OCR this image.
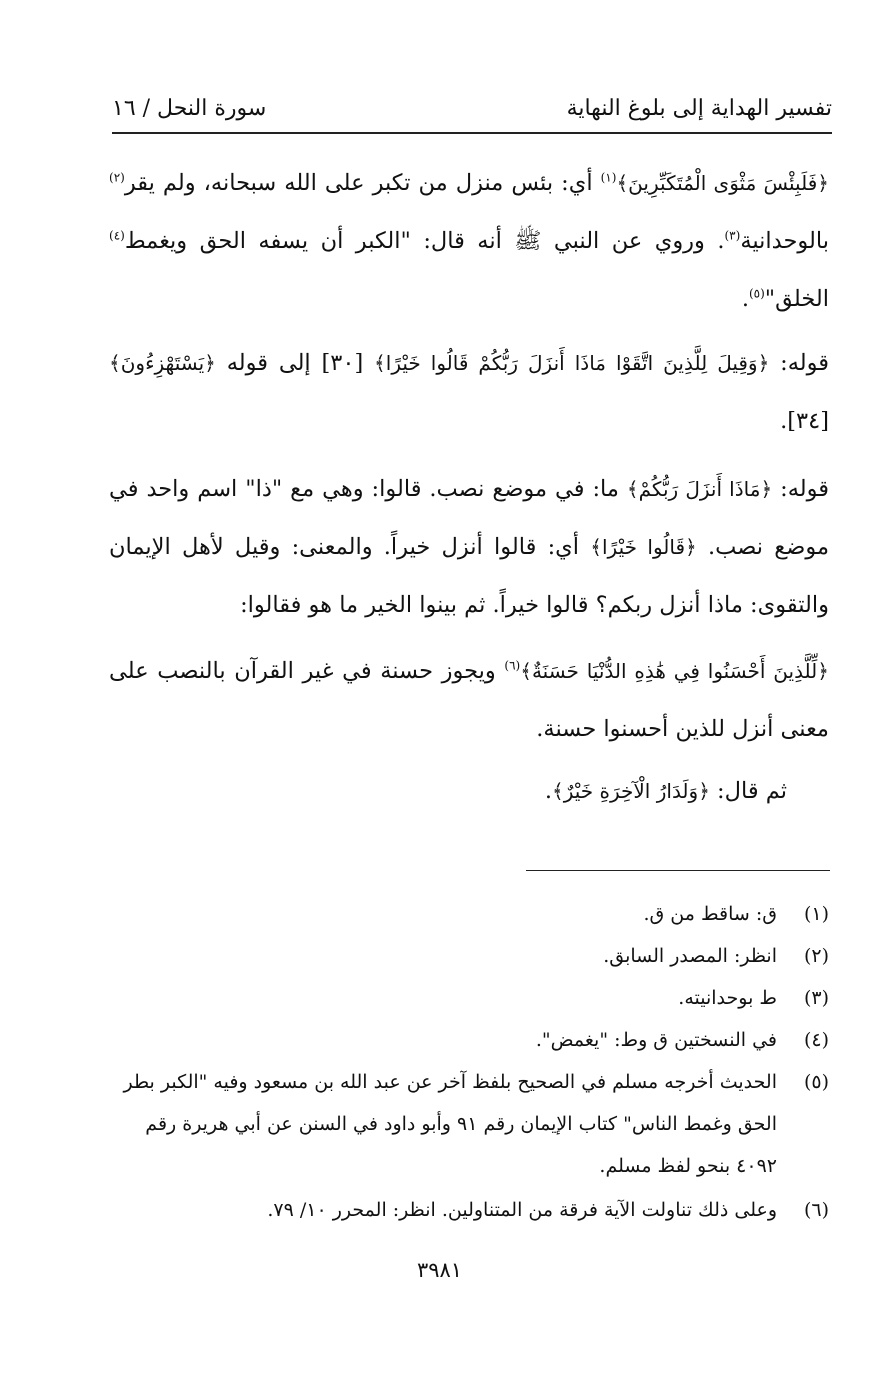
تفسير الهداية إلى بلوغ النهاية
سورة النحل / ١٦

﴿فَلَبِئْسَ مَثْوَى الْمُتَكَبِّرِينَ﴾$^{(١)}$ أي: بئس منزل من تكبر على الله سبحانه، ولم يقر$^{(٢)}$ بالوحدانية$^{(٣)}$. وروي عن النبي ﷺ أنه قال: "الكبر أن يسفه الحق ويغمط$^{(٤)}$ الخلق"$^{(٥)}$.

قوله: ﴿وَقِيلَ لِلَّذِينَ اتَّقَوْا مَاذَا أَنزَلَ رَبُّكُمْ قَالُوا خَيْرًا﴾ [٣٠] إلى قوله ﴿يَسْتَهْزِءُونَ﴾ [٣٤].

قوله: ﴿مَاذَا أَنزَلَ رَبُّكُمْ﴾ ما: في موضع نصب. قالوا: وهي مع "ذا" اسم واحد في موضع نصب. ﴿قَالُوا خَيْرًا﴾ أي: قالوا أنزل خيراً. والمعنى: وقيل لأهل الإيمان والتقوى: ماذا أنزل ربكم؟ قالوا خيراً. ثم بينوا الخير ما هو فقالوا:

﴿لِّلَّذِينَ أَحْسَنُوا فِي هَٰذِهِ الدُّنْيَا حَسَنَةٌ﴾$^{(٦)}$ ويجوز حسنة في غير القرآن بالنصب على معنى أنزل للذين أحسنوا حسنة.

ثم قال: ﴿وَلَدَارُ الْآخِرَةِ خَيْرٌ﴾.

(١)
ق: ساقط من ق.
(٢)
انظر: المصدر السابق.
(٣)
ط بوحدانيته.
(٤)
في النسختين ق وط: "يغمض".
(٥)
الحديث أخرجه مسلم في الصحيح بلفظ آخر عن عبد الله بن مسعود وفيه "الكبر بطر الحق وغمط الناس" كتاب الإيمان رقم ٩١ وأبو داود في السنن عن أبي هريرة رقم ٤٠٩٢ بنحو لفظ مسلم.
(٦)
وعلى ذلك تناولت الآية فرقة من المتناولين. انظر: المحرر ١٠/ ٧٩.
٣٩٨١
